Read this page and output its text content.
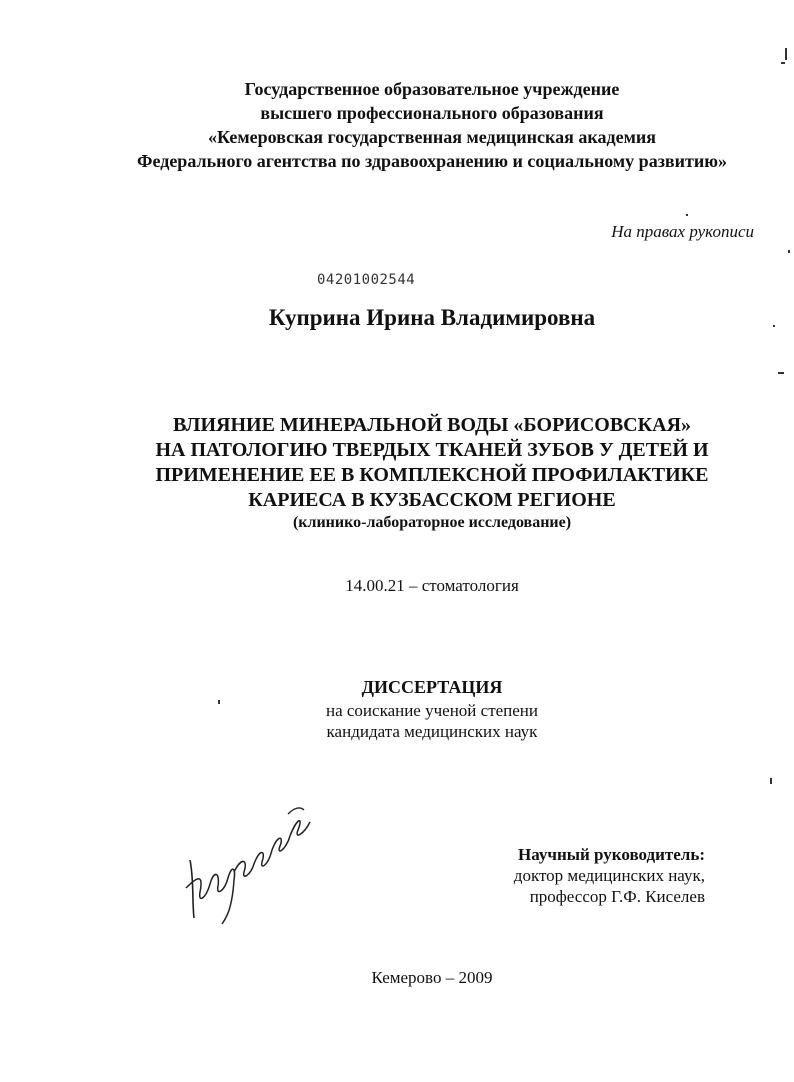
Государственное образовательное учреждение
высшего профессионального образования
«Кемеровская государственная медицинская академия
Федерального агентства по здравоохранению и социальному развитию»
На правах рукописи
04201002544
Куприна Ирина Владимировна
ВЛИЯНИЕ МИНЕРАЛЬНОЙ ВОДЫ «БОРИСОВСКАЯ»
НА ПАТОЛОГИЮ ТВЕРДЫХ ТКАНЕЙ ЗУБОВ У ДЕТЕЙ И
ПРИМЕНЕНИЕ ЕЕ В КОМПЛЕКСНОЙ ПРОФИЛАКТИКЕ
КАРИЕСА В КУЗБАССКОМ РЕГИОНЕ
(клинико-лабораторное исследование)
14.00.21 – стоматология
ДИССЕРТАЦИЯ
на соискание ученой степени
кандидата медицинских наук
Научный руководитель:
доктор медицинских наук,
профессор Г.Ф. Киселев
Кемерово – 2009
